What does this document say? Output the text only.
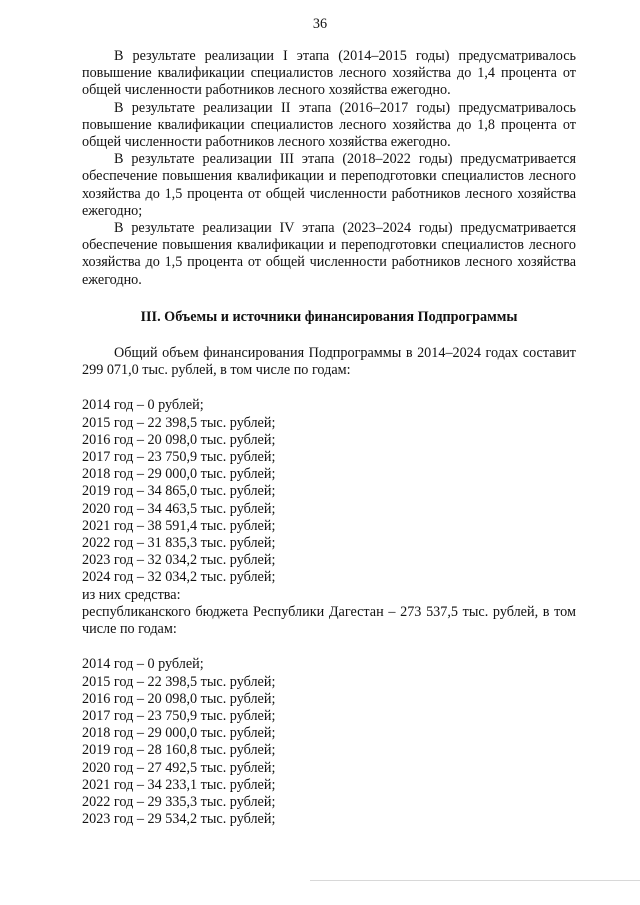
36

В результате реализации I этапа (2014–2015 годы) предусматривалось повышение квалификации специалистов лесного хозяйства до 1,4 процента от общей численности работников лесного хозяйства ежегодно.

В результате реализации II этапа (2016–2017 годы) предусматривалось повышение квалификации специалистов лесного хозяйства до 1,8 процента от общей численности работников лесного хозяйства ежегодно.

В результате реализации III этапа (2018–2022 годы) предусматривается обеспечение повышения квалификации и переподготовки специалистов лесного хозяйства до 1,5 процента от общей численности работников лесного хозяйства ежегодно;

В результате реализации IV этапа (2023–2024 годы) предусматривается обеспечение повышения квалификации и переподготовки специалистов лесного хозяйства до 1,5 процента от общей численности работников лесного хозяйства ежегодно.

III. Объемы и источники финансирования Подпрограммы

Общий объем финансирования Подпрограммы в 2014–2024 годах составит 299 071,0 тыс. рублей, в том числе по годам:

2014 год – 0 рублей;
2015 год – 22 398,5 тыс. рублей;
2016 год – 20 098,0 тыс. рублей;
2017 год – 23 750,9 тыс. рублей;
2018 год – 29 000,0 тыс. рублей;
2019 год – 34 865,0 тыс. рублей;
2020 год – 34 463,5 тыс. рублей;
2021 год – 38 591,4 тыс. рублей;
2022 год – 31 835,3 тыс. рублей;
2023 год – 32 034,2 тыс. рублей;
2024 год – 32 034,2 тыс. рублей;

из них средства:

республиканского бюджета Республики Дагестан – 273 537,5 тыс. рублей, в том числе по годам:

2014 год – 0 рублей;
2015 год – 22 398,5 тыс. рублей;
2016 год – 20 098,0 тыс. рублей;
2017 год – 23 750,9 тыс. рублей;
2018 год – 29 000,0 тыс. рублей;
2019 год – 28 160,8 тыс. рублей;
2020 год – 27 492,5 тыс. рублей;
2021 год – 34 233,1 тыс. рублей;
2022 год – 29 335,3 тыс. рублей;
2023 год – 29 534,2 тыс. рублей;
